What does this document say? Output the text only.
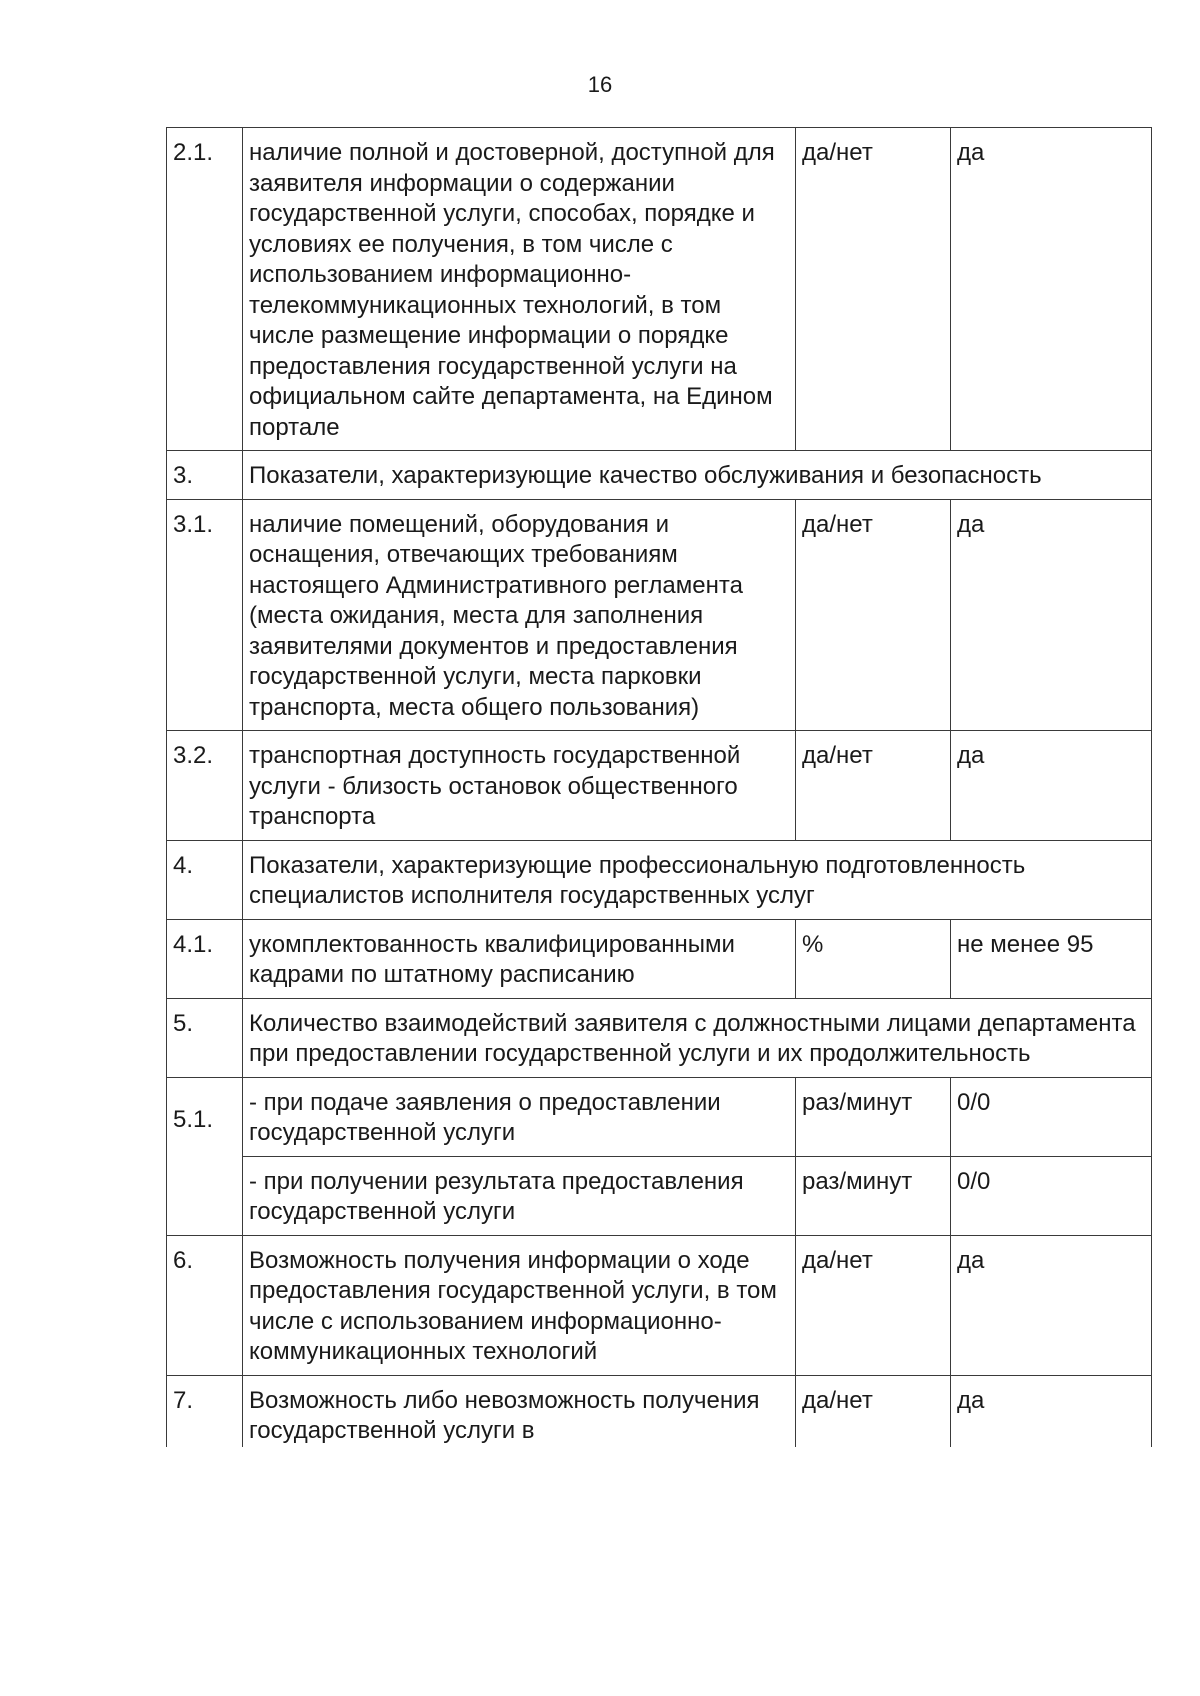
16
2.1.	наличие полной и достоверной, доступной для заявителя информации о содержании государственной услуги, способах, порядке и условиях ее получения, в том числе с использованием информационно-телекоммуникационных технологий, в том числе размещение информации о порядке предоставления государственной услуги на официальном сайте департамента, на Едином портале	да/нет	да
3.	Показатели, характеризующие качество обслуживания и безопасность		
3.1.	наличие помещений, оборудования и оснащения, отвечающих требованиям настоящего Административного регламента (места ожидания, места для заполнения заявителями документов и предоставления государственной услуги, места парковки транспорта, места общего пользования)	да/нет	да
3.2.	транспортная доступность государственной услуги - близость остановок общественного транспорта	да/нет	да
4.	Показатели, характеризующие профессиональную подготовленность специалистов исполнителя государственных услуг		
4.1.	укомплектованность квалифицированными кадрами по штатному расписанию	%	не менее 95
5.	Количество взаимодействий заявителя с должностными лицами департамента при предоставлении государственной услуги и их продолжительность		
5.1.	- при подаче заявления о предоставлении государственной услуги	раз/минут	0/0
	- при получении результата предоставления государственной услуги	раз/минут	0/0
6.	Возможность получения информации о ходе предоставления государственной услуги, в том числе с использованием информационно-коммуникационных технологий	да/нет	да
7.	Возможность либо невозможность получения государственной услуги в	да/нет	да
